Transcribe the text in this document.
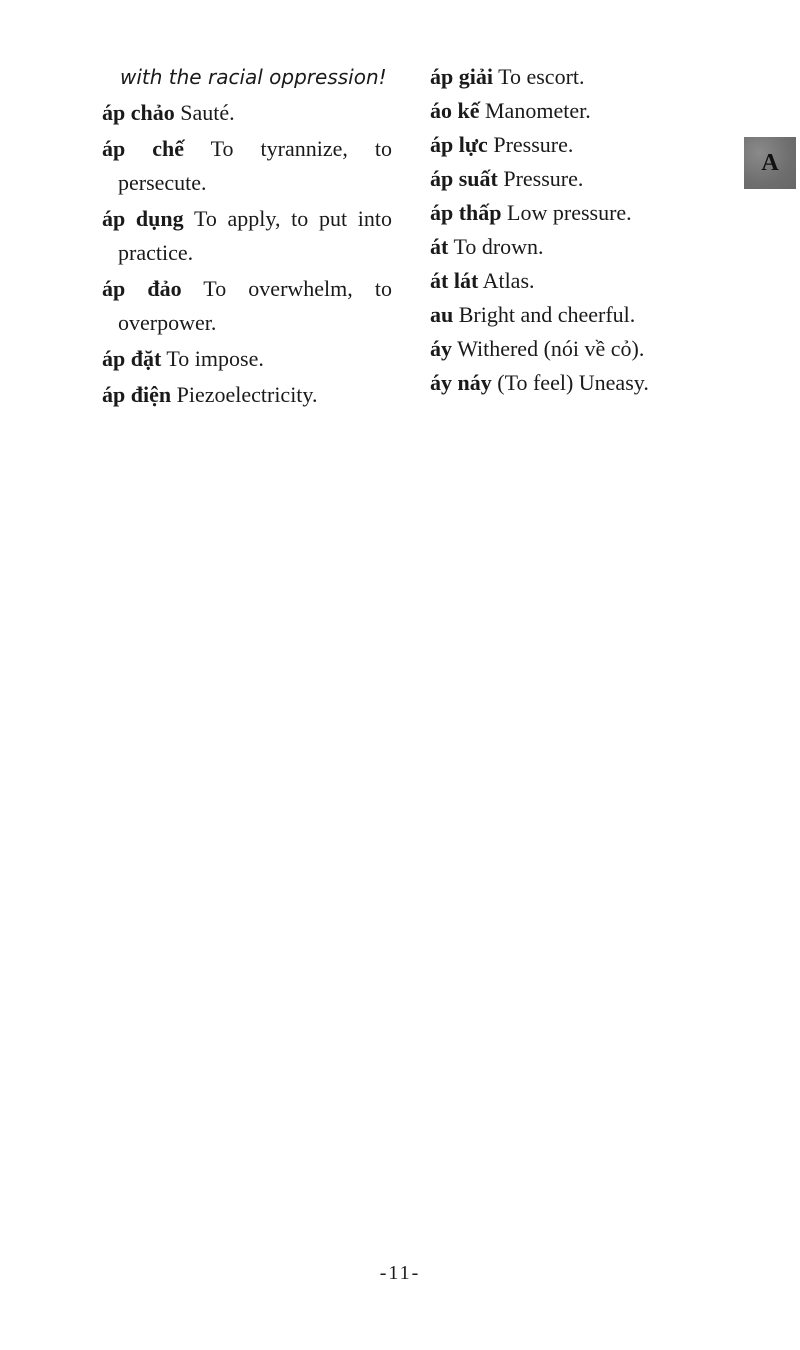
with the racial oppression!
áp chảo Sauté.
áp chế To tyrannize, to persecute.
áp dụng To apply, to put into practice.
áp đảo To overwhelm, to overpower.
áp đặt To impose.
áp điện Piezoelectricity.
áp giải To escort.
áo kế Manometer.
áp lực Pressure.
áp suất Pressure.
áp thấp Low pressure.
át To drown.
át lát Atlas.
au Bright and cheerful.
áy Withered (nói về cỏ).
áy náy (To feel) Uneasy.
A
-11-
